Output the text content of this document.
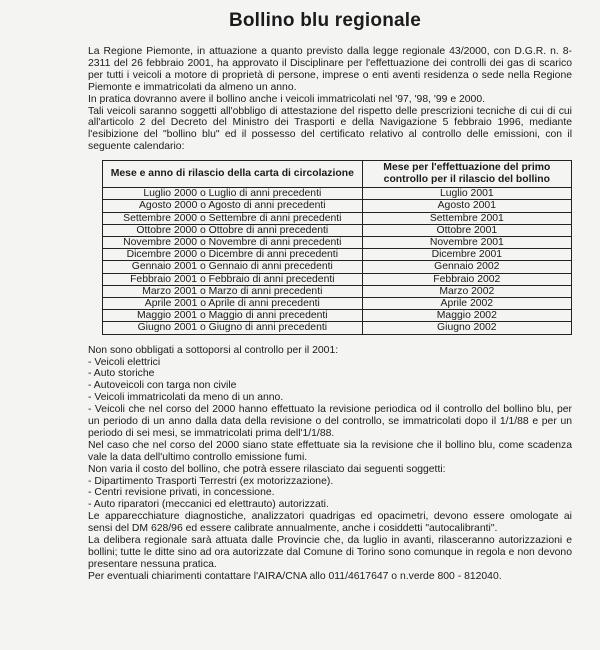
Bollino blu regionale

La Regione Piemonte, in attuazione a quanto previsto dalla legge regionale 43/2000, con D.G.R. n. 8-2311 del 26 febbraio 2001, ha approvato il Disciplinare per l'effettuazione dei controlli dei gas di scarico per tutti i veicoli a motore di proprietà di persone, imprese o enti aventi residenza o sede nella Regione Piemonte e immatricolati da almeno un anno.

In pratica dovranno avere il bollino anche i veicoli immatricolati nel '97, '98, '99 e 2000.

Tali veicoli saranno soggetti all'obbligo di attestazione del rispetto delle prescrizioni tecniche di cui di cui all'articolo 2 del Decreto del Ministro dei Trasporti e della Navigazione 5 febbraio 1996, mediante l'esibizione del "bollino blu" ed il possesso del certificato relativo al controllo delle emissioni, con il seguente calendario:

Mese e anno di rilascio della carta di circolazione	Mese per l'effettuazione del primo controllo per il rilascio del bollino
Luglio 2000 o Luglio di anni precedenti	Luglio 2001
Agosto 2000 o Agosto di anni precedenti	Agosto 2001
Settembre 2000 o Settembre di anni precedenti	Settembre 2001
Ottobre 2000 o Ottobre di anni precedenti	Ottobre 2001
Novembre 2000 o Novembre di anni precedenti	Novembre 2001
Dicembre 2000 o Dicembre di anni precedenti	Dicembre 2001
Gennaio 2001 o Gennaio di anni precedenti	Gennaio 2002
Febbraio 2001 o Febbraio di anni precedenti	Febbraio 2002
Marzo 2001 o Marzo di anni precedenti	Marzo 2002
Aprile 2001 o Aprile di anni precedenti	Aprile 2002
Maggio 2001 o Maggio di anni precedenti	Maggio 2002
Giugno 2001 o Giugno di anni precedenti	Giugno 2002

Non sono obbligati a sottoporsi al controllo per il 2001:

- Veicoli elettrici
- Auto storiche
- Autoveicoli con targa non civile
- Veicoli immatricolati da meno di un anno.
- Veicoli che nel corso del 2000 hanno effettuato la revisione periodica od il controllo del bollino blu, per un periodo di un anno dalla data della revisione o del controllo, se immatricolati dopo il 1/1/88 e per un periodo di sei mesi, se immatricolati prima dell'1/1/88.

Nel caso che nel corso del 2000 siano state effettuate sia la revisione che il bollino blu, come scadenza vale la data dell'ultimo controllo emissione fumi.

Non varia il costo del bollino, che potrà essere rilasciato dai seguenti soggetti:

- Dipartimento Trasporti Terrestri (ex motorizzazione).
- Centri revisione privati, in concessione.
- Auto riparatori (meccanici ed elettrauto) autorizzati.

Le apparecchiature diagnostiche, analizzatori quadrigas ed opacimetri, devono essere omologate ai sensi del DM 628/96 ed essere calibrate annualmente, anche i cosiddetti "autocalibranti".

La delibera regionale sarà attuata dalle Provincie che, da luglio in avanti, rilasceranno autorizzazioni e bollini; tutte le ditte sino ad ora autorizzate dal Comune di Torino sono comunque in regola e non devono presentare nessuna pratica.

Per eventuali chiarimenti contattare l'AIRA/CNA allo 011/4617647 o n.verde 800 - 812040.
